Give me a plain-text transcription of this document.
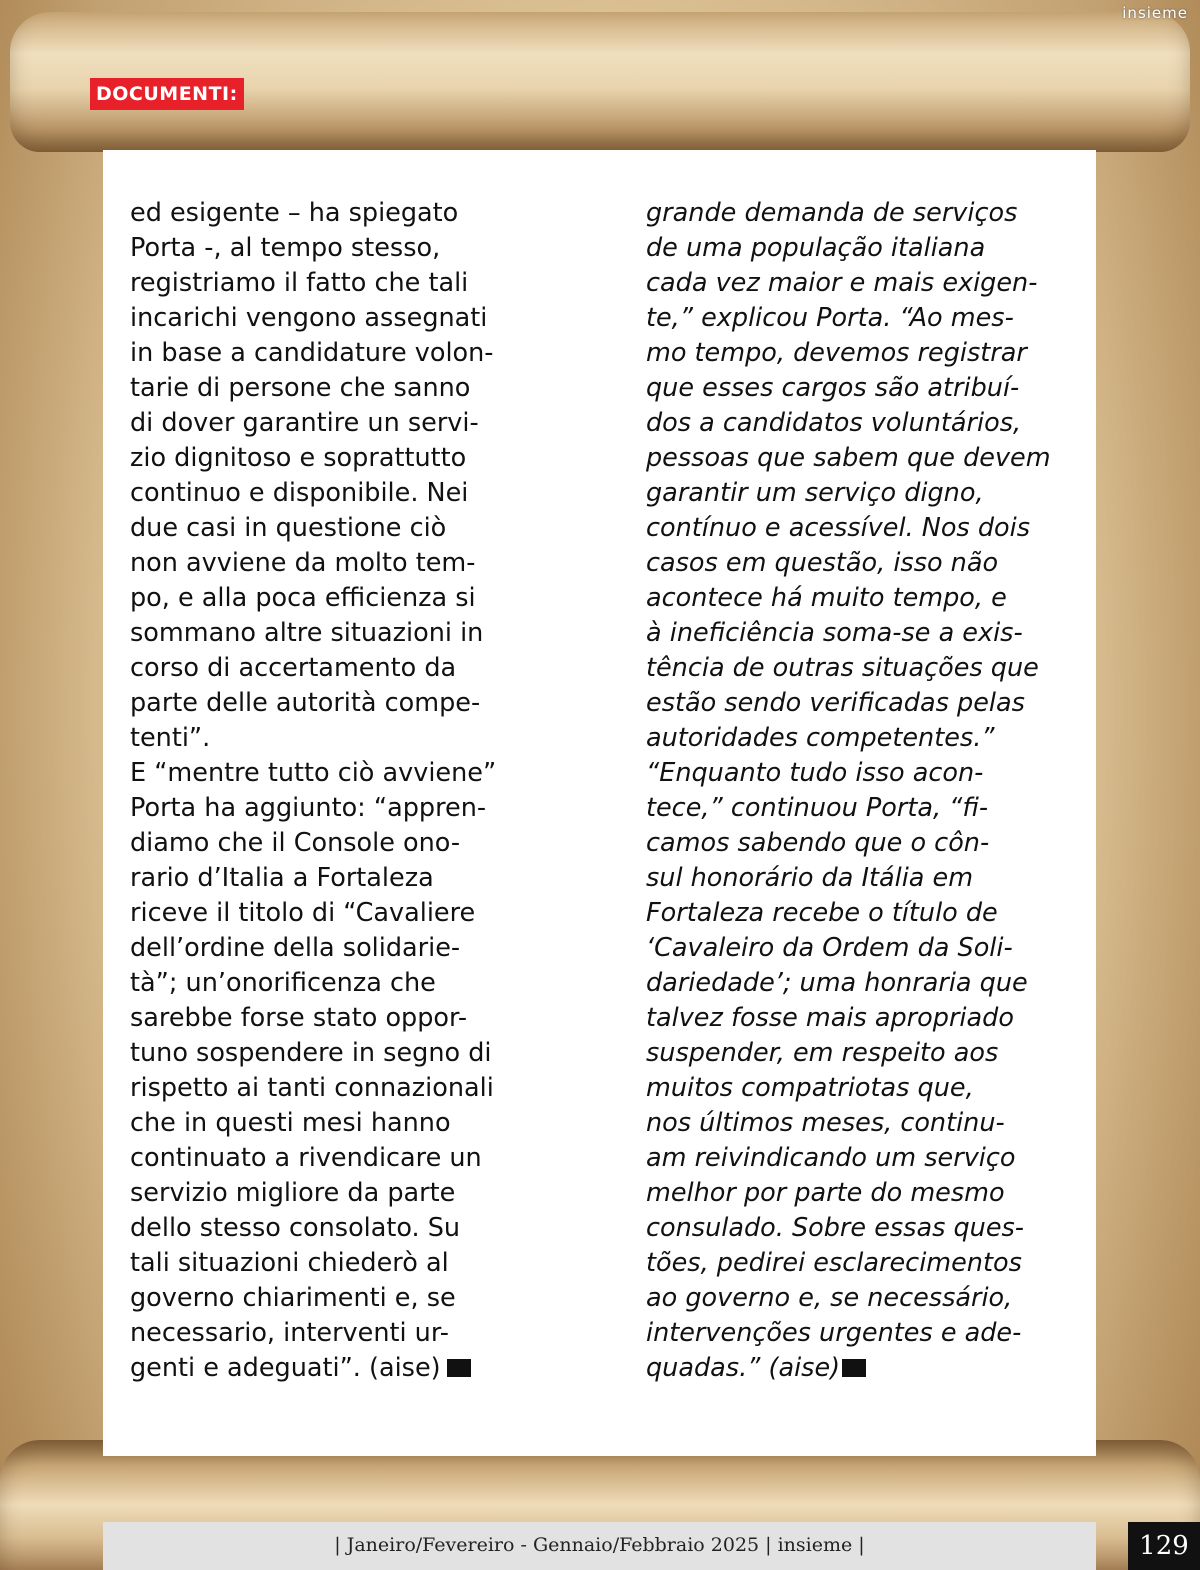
insieme
DOCUMENTI:
ed esigente – ha spiegato
Porta -, al tempo stesso,
registriamo il fatto che tali
incarichi vengono assegnati
in base a candidature volon-
tarie di persone che sanno
di dover garantire un servi-
zio dignitoso e soprattutto
continuo e disponibile. Nei
due casi in questione ciò
non avviene da molto tem-
po, e alla poca efficienza si
sommano altre situazioni in
corso di accertamento da
parte delle autorità compe-
tenti”.
E “mentre tutto ciò avviene”
Porta ha aggiunto: “appren-
diamo che il Console ono-
rario d’Italia a Fortaleza
riceve il titolo di “Cavaliere
dell’ordine della solidarie-
tà”; un’onorificenza che
sarebbe forse stato oppor-
tuno sospendere in segno di
rispetto ai tanti connazionali
che in questi mesi hanno
continuato a rivendicare un
servizio migliore da parte
dello stesso consolato. Su
tali situazioni chiederò al
governo chiarimenti e, se
necessario, interventi ur-
genti e adeguati”. (aise)
grande demanda de serviços
de uma população italiana
cada vez maior e mais exigen-
te,” explicou Porta. “Ao mes-
mo tempo, devemos registrar
que esses cargos são atribuí-
dos a candidatos voluntários,
pessoas que sabem que devem
garantir um serviço digno,
contínuo e acessível. Nos dois
casos em questão, isso não
acontece há muito tempo, e
à ineficiência soma-se a exis-
tência de outras situações que
estão sendo verificadas pelas
autoridades competentes.”
“Enquanto tudo isso acon-
tece,” continuou Porta, “fi-
camos sabendo que o côn-
sul honorário da Itália em
Fortaleza recebe o título de
‘Cavaleiro da Ordem da Soli-
dariedade’; uma honraria que
talvez fosse mais apropriado
suspender, em respeito aos
muitos compatriotas que,
nos últimos meses, continu-
am reivindicando um serviço
melhor por parte do mesmo
consulado. Sobre essas ques-
tões, pedirei esclarecimentos
ao governo e, se necessário,
intervenções urgentes e ade-
quadas.” (aise)
| Janeiro/Fevereiro - Gennaio/Febbraio 2025 | insieme |	129
